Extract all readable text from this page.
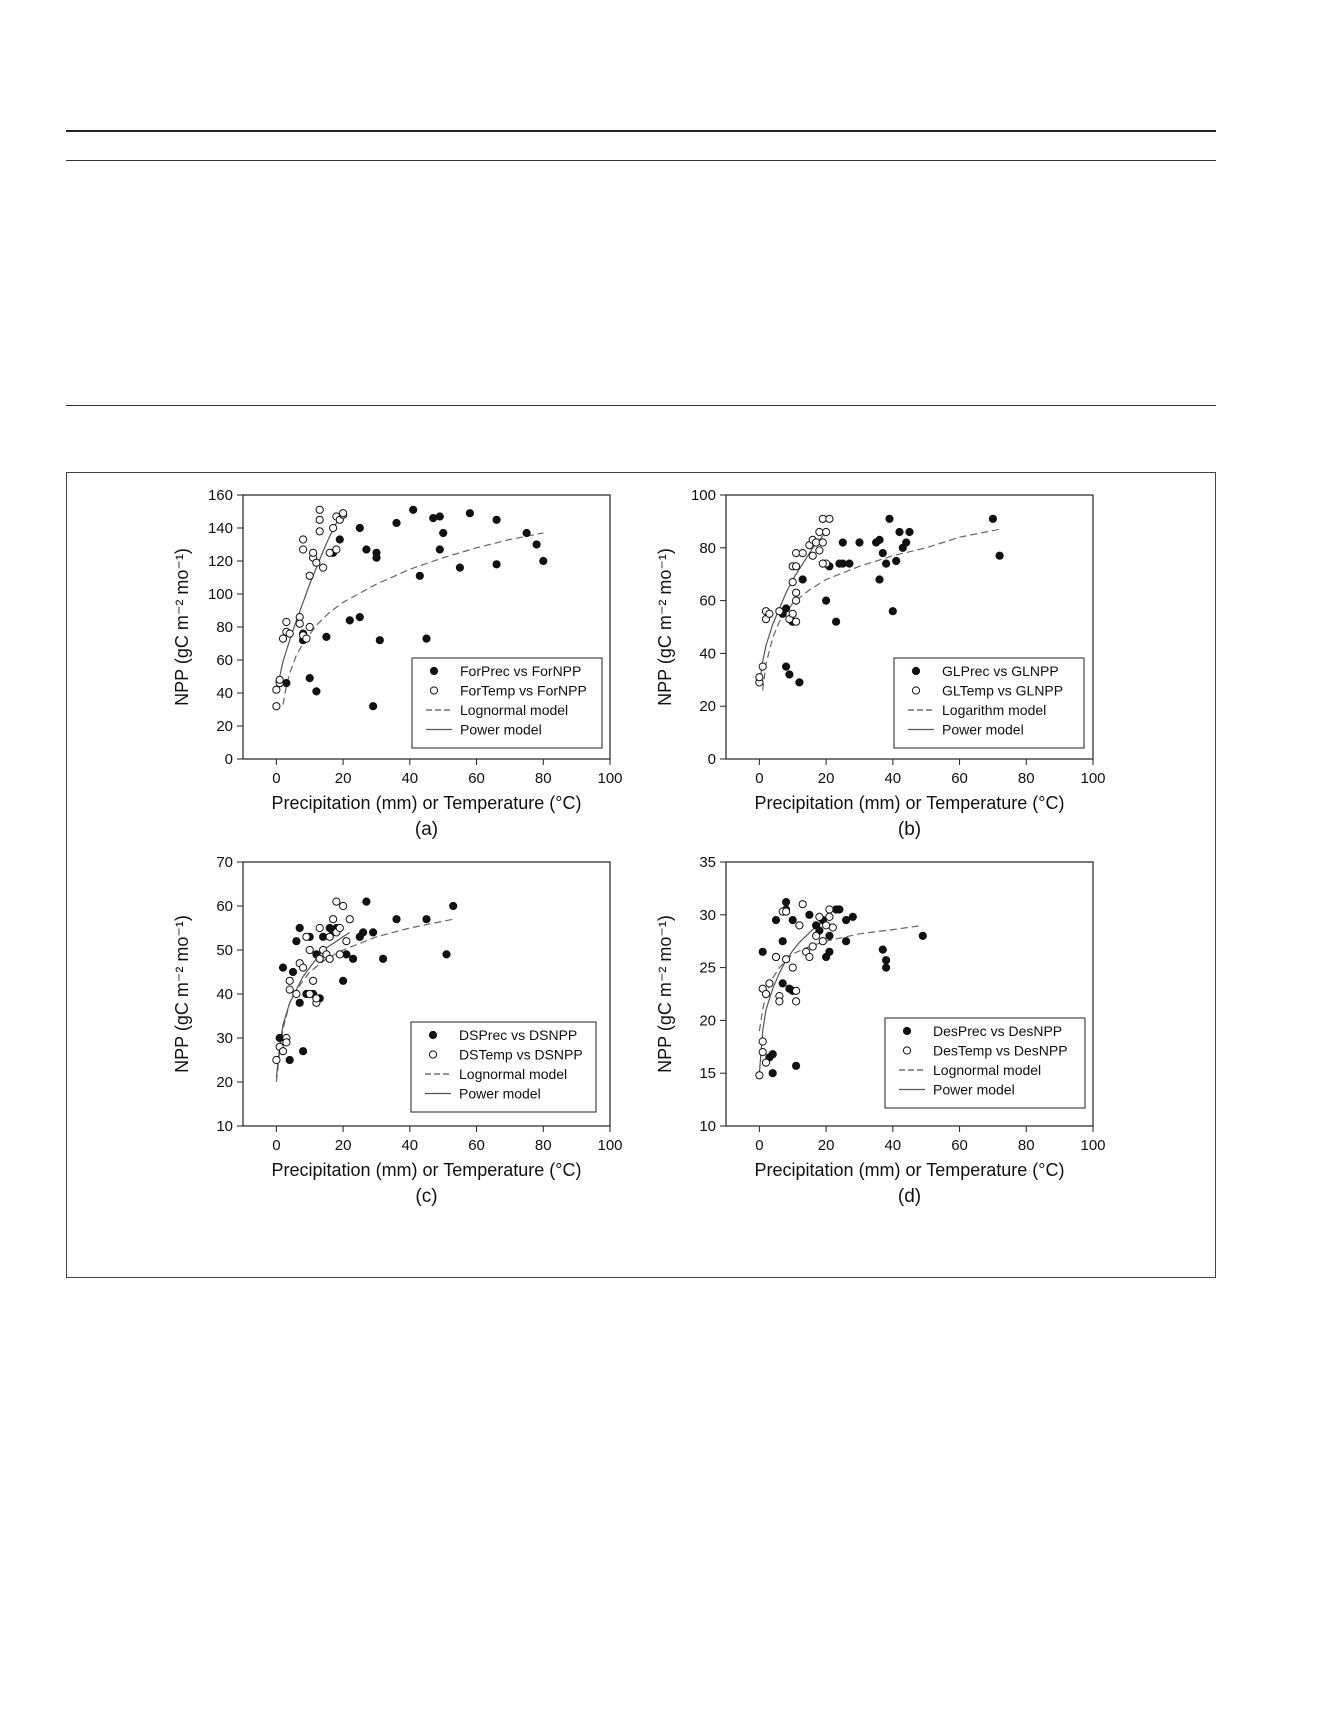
0	20	40	60	80	100
0
20
40
60
80
100
120
140
160
Precipitation (mm) or Temperature (°C)
NPP (gC m⁻² mo⁻¹)
(a)
ForPrec vs ForNPP
ForTemp vs ForNPP
Lognormal model
Power model
0	20	40	60	80	100
0
20
40
60
80
100
Precipitation (mm) or Temperature (°C)
NPP (gC m⁻² mo⁻¹)
(b)
GLPrec vs GLNPP
GLTemp vs GLNPP
Logarithm model
Power model
0	20	40	60	80	100
10
20
30
40
50
60
70
Precipitation (mm) or Temperature (°C)
NPP (gC m⁻² mo⁻¹)
(c)
DSPrec vs DSNPP
DSTemp vs DSNPP
Lognormal model
Power model
0	20	40	60	80	100
10
15
20
25
30
35
Precipitation (mm) or Temperature (°C)
NPP (gC m⁻² mo⁻¹)
(d)
DesPrec vs DesNPP
DesTemp vs DesNPP
Lognormal model
Power model
